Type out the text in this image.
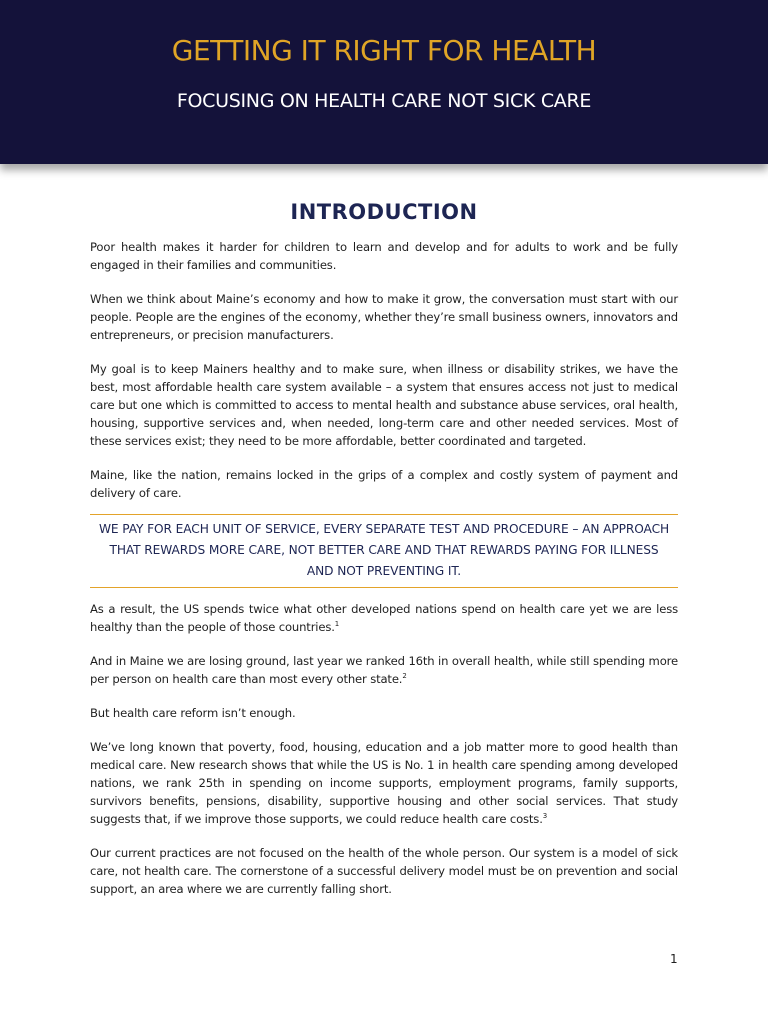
GETTING IT RIGHT FOR HEALTH
FOCUSING ON HEALTH CARE NOT SICK CARE
INTRODUCTION

Poor health makes it harder for children to learn and develop and for adults to work and be fully engaged in their families and communities.

When we think about Maine’s economy and how to make it grow, the conversation must start with our people. People are the engines of the economy, whether they’re small business owners, innovators and entrepreneurs, or precision manufacturers.

My goal is to keep Mainers healthy and to make sure, when illness or disability strikes, we have the best, most affordable health care system available – a system that ensures access not just to medical care but one which is committed to access to mental health and substance abuse services, oral health, housing, supportive services and, when needed, long-term care and other needed services. Most of these services exist; they need to be more affordable, better coordinated and targeted.

Maine, like the nation, remains locked in the grips of a complex and costly system of payment and delivery of care.

WE PAY FOR EACH UNIT OF SERVICE, EVERY SEPARATE TEST AND PROCEDURE – AN APPROACH
THAT REWARDS MORE CARE, NOT BETTER CARE AND THAT REWARDS PAYING FOR ILLNESS
AND NOT PREVENTING IT.

As a result, the US spends twice what other developed nations spend on health care yet we are less healthy than the people of those countries.$^1$

And in Maine we are losing ground, last year we ranked 16th in overall health, while still spending more per person on health care than most every other state.$^2$

But health care reform isn’t enough.

We’ve long known that poverty, food, housing, education and a job matter more to good health than medical care. New research shows that while the US is No. 1 in health care spending among developed nations, we rank 25th in spending on income supports, employment programs, family supports, survivors benefits, pensions, disability, supportive housing and other social services. That study suggests that, if we improve those supports, we could reduce health care costs.$^3$

Our current practices are not focused on the health of the whole person. Our system is a model of sick care, not health care. The cornerstone of a successful delivery model must be on prevention and social support, an area where we are currently falling short.

1
